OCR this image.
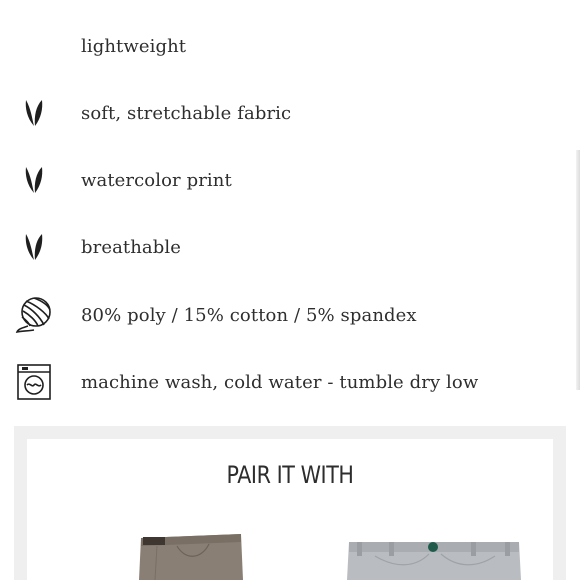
lightweight
soft, stretchable fabric
watercolor print
breathable
80% poly / 15% cotton / 5% spandex
machine wash, cold water - tumble dry low
PAIR IT WITH
